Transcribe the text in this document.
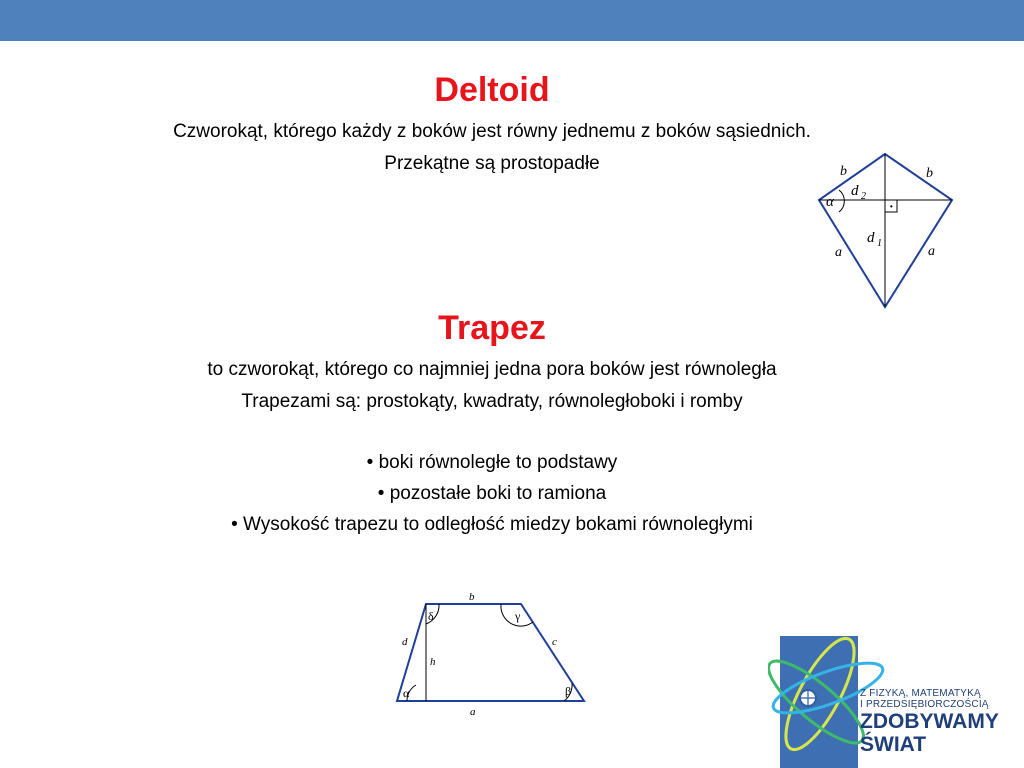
Deltoid
Czworokąt, którego każdy z boków jest równy jednemu z boków sąsiednich.
Przekątne są prostopadłe	b	b
α
d 2
d 1
a	a
·
Trapez
to czworokąt, którego co najmniej jedna pora boków jest równoległa
Trapezami są: prostokąty, kwadraty, równoległoboki i romby
• boki równoległe to podstawy
• pozostałe boki to ramiona
• Wysokość trapezu to odległość miedzy bokami równoległymi
b
a
d	c
h
α	β
γ
δ
Z FIZYKĄ, MATEMATYKĄ
I PRZEDSIĘBIORCZOŚCIĄ
ZDOBYWAMY
ŚWIAT
